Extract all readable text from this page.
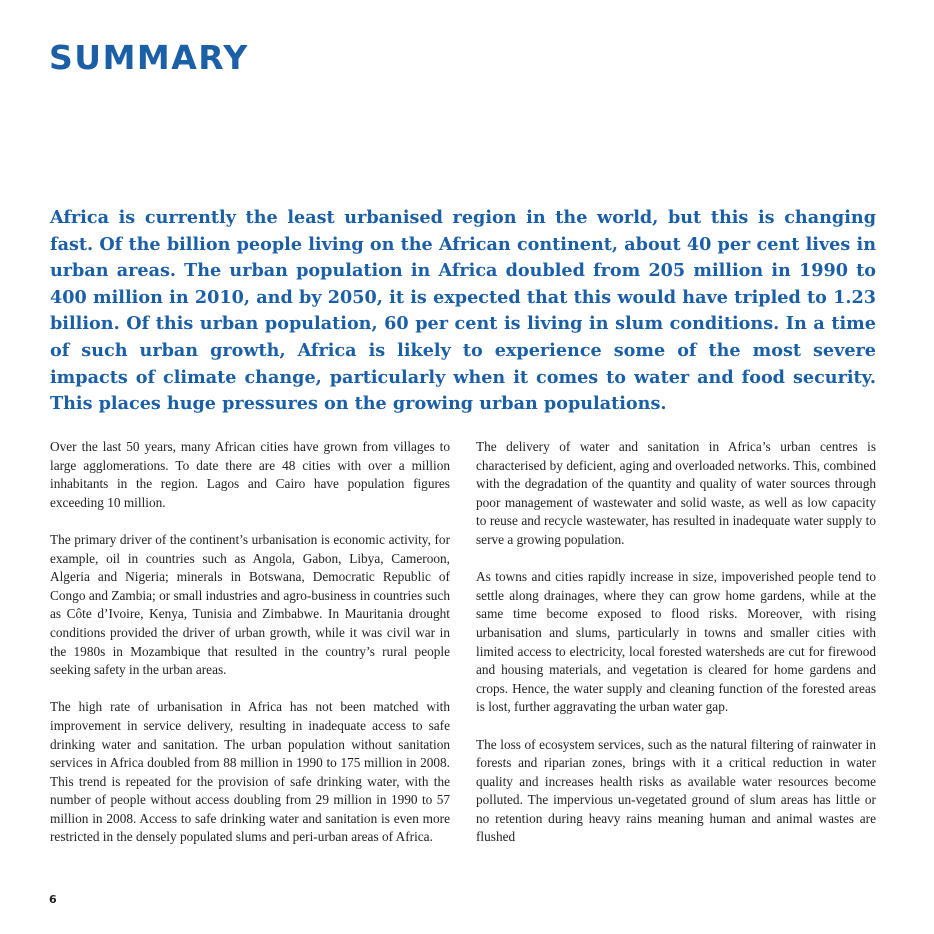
SUMMARY

Africa is currently the least urbanised region in the world, but this is changing fast. Of the billion people living on the African continent, about 40 per cent lives in urban areas. The urban population in Africa doubled from 205 million in 1990 to 400 million in 2010, and by 2050, it is expected that this would have tripled to 1.23 billion. Of this urban population, 60 per cent is living in slum conditions. In a time of such urban growth, Africa is likely to experience some of the most severe impacts of climate change, particularly when it comes to water and food security. This places huge pressures on the growing urban populations.

Over the last 50 years, many African cities have grown from villages to large agglomerations. To date there are 48 cities with over a million inhabitants in the region. Lagos and Cairo have population figures exceeding 10 million.

The primary driver of the continent’s urbanisation is economic activity, for example, oil in countries such as Angola, Gabon, Libya, Cameroon, Algeria and Nigeria; minerals in Botswana, Democratic Republic of Congo and Zambia; or small industries and agro-business in countries such as Côte d’Ivoire, Kenya, Tunisia and Zimbabwe. In Mauritania drought conditions provided the driver of urban growth, while it was civil war in the 1980s in Mozambique that resulted in the country’s rural people seeking safety in the urban areas.

The high rate of urbanisation in Africa has not been matched with improvement in service delivery, resulting in inadequate access to safe drinking water and sanitation. The urban population without sanitation services in Africa doubled from 88 million in 1990 to 175 million in 2008. This trend is repeated for the provision of safe drinking water, with the number of people without access doubling from 29 million in 1990 to 57 million in 2008. Access to safe drinking water and sanitation is even more restricted in the densely populated slums and peri-urban areas of Africa.

The delivery of water and sanitation in Africa’s urban centres is characterised by deficient, aging and overloaded networks. This, combined with the degradation of the quantity and quality of water sources through poor management of wastewater and solid waste, as well as low capacity to reuse and recycle wastewater, has resulted in inadequate water supply to serve a growing population.

As towns and cities rapidly increase in size, impoverished people tend to settle along drainages, where they can grow home gardens, while at the same time become exposed to flood risks. Moreover, with rising urbanisation and slums, particularly in towns and smaller cities with limited access to electricity, local forested watersheds are cut for firewood and housing materials, and vegetation is cleared for home gardens and crops. Hence, the water supply and cleaning function of the forested areas is lost, further aggravating the urban water gap.

The loss of ecosystem services, such as the natural filtering of rainwater in forests and riparian zones, brings with it a critical reduction in water quality and increases health risks as available water resources become polluted. The impervious un-vegetated ground of slum areas has little or no retention during heavy rains meaning human and animal wastes are flushed

6
